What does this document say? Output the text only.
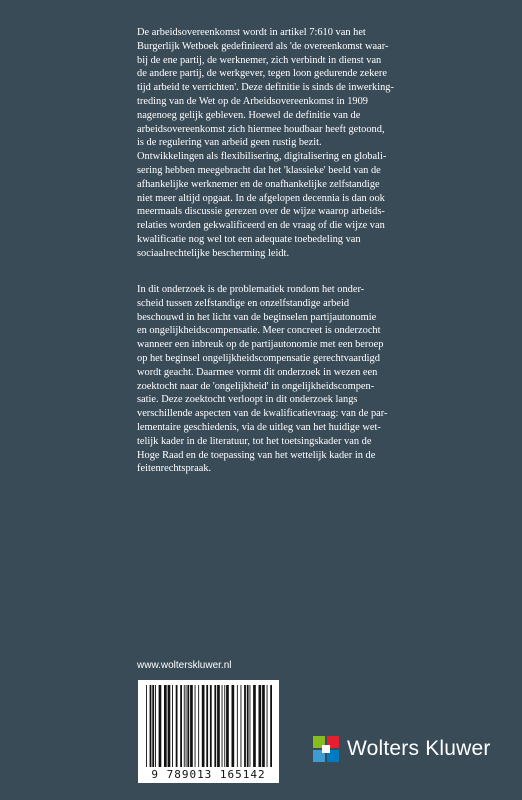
De arbeidsovereenkomst wordt in artikel 7:610 van het
Burgerlijk Wetboek gedefinieerd als 'de overeenkomst waar-
bij de ene partij, de werknemer, zich verbindt in dienst van
de andere partij, de werkgever, tegen loon gedurende zekere
tijd arbeid te verrichten'. Deze definitie is sinds de inwerking-
treding van de Wet op de Arbeidsovereenkomst in 1909
nagenoeg gelijk gebleven. Hoewel de definitie van de
arbeidsovereenkomst zich hiermee houdbaar heeft getoond,
is de regulering van arbeid geen rustig bezit.
Ontwikkelingen als flexibilisering, digitalisering en globali-
sering hebben meegebracht dat het 'klassieke' beeld van de
afhankelijke werknemer en de onafhankelijke zelfstandige
niet meer altijd opgaat. In de afgelopen decennia is dan ook
meermaals discussie gerezen over de wijze waarop arbeids-
relaties worden gekwalificeerd en de vraag of die wijze van
kwalificatie nog wel tot een adequate toebedeling van
sociaalrechtelijke bescherming leidt.
In dit onderzoek is de problematiek rondom het onder-
scheid tussen zelfstandige en onzelfstandige arbeid
beschouwd in het licht van de beginselen partijautonomie
en ongelijkheidscompensatie. Meer concreet is onderzocht
wanneer een inbreuk op de partijautonomie met een beroep
op het beginsel ongelijkheidscompensatie gerechtvaardigd
wordt geacht. Daarmee vormt dit onderzoek in wezen een
zoektocht naar de 'ongelijkheid' in ongelijkheidscompen-
satie. Deze zoektocht verloopt in dit onderzoek langs
verschillende aspecten van de kwalificatievraag: van de par-
lementaire geschiedenis, via de uitleg van het huidige wet-
telijk kader in de literatuur, tot het toetsingskader van de
Hoge Raad en de toepassing van het wettelijk kader in de
feitenrechtspraak.
www.wolterskluwer.nl
9 789013 165142
Wolters Kluwer
